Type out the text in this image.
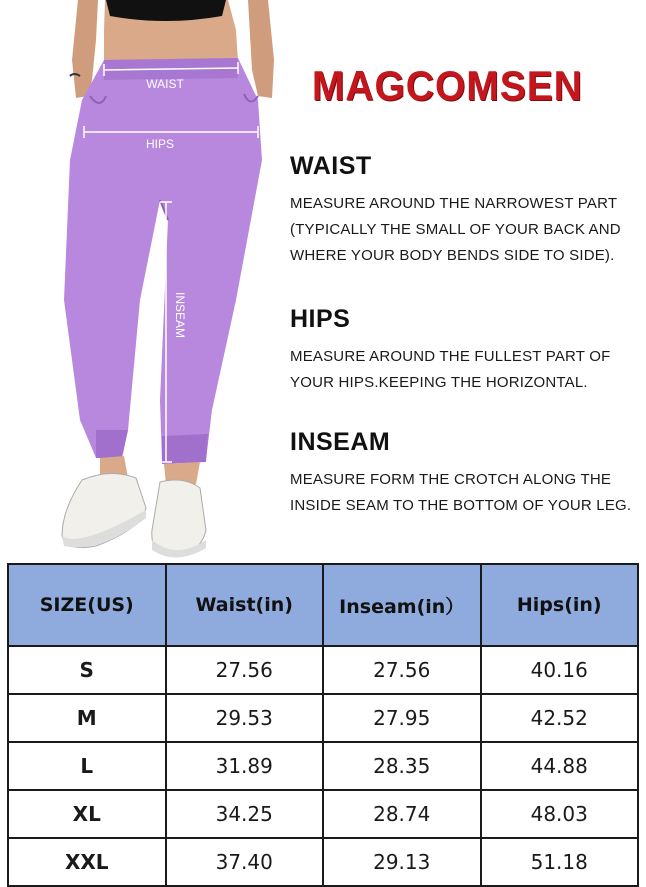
WAIST
HIPS
INSEAM
MAGCOMSEN
WAIST

MEASURE AROUND THE NARROWEST PART

(TYPICALLY THE SMALL OF YOUR BACK AND

WHERE YOUR BODY BENDS SIDE TO SIDE).

HIPS

MEASURE AROUND THE FULLEST PART OF

YOUR HIPS.KEEPING THE HORIZONTAL.

INSEAM

MEASURE FORM THE CROTCH ALONG THE

INSIDE SEAM TO THE BOTTOM OF YOUR LEG.

SIZE(US)	Waist(in)	Inseam(in）	Hips(in)
S	27.56	27.56	40.16
M	29.53	27.95	42.52
L	31.89	28.35	44.88
XL	34.25	28.74	48.03
XXL	37.40	29.13	51.18
